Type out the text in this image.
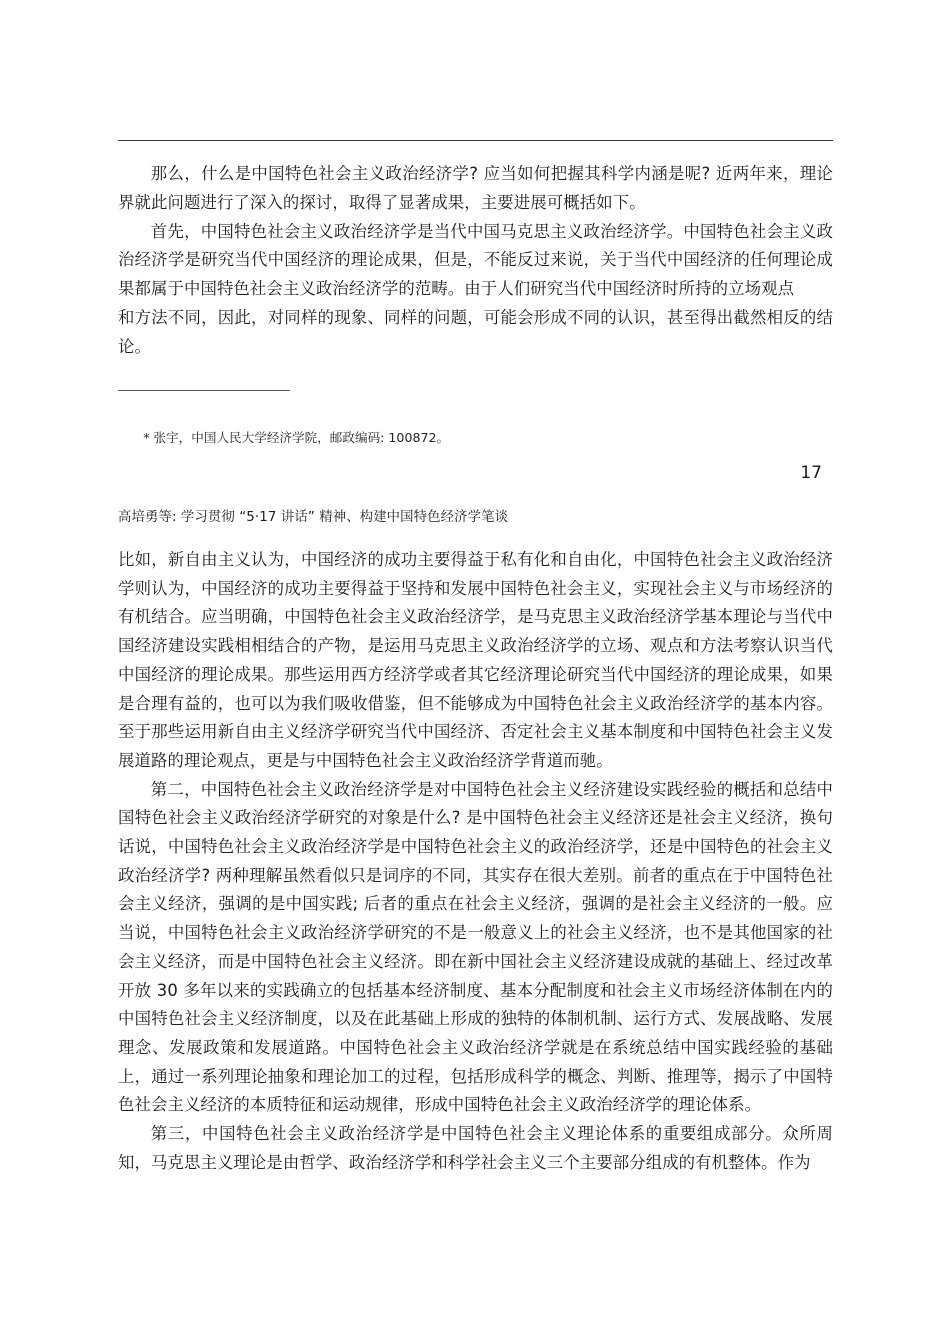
那么，什么是中国特色社会主义政治经济学? 应当如何把握其科学内涵是呢? 近两年来，理论界就此问题进行了深入的探讨，取得了显著成果，主要进展可概括如下。

首先，中国特色社会主义政治经济学是当代中国马克思主义政治经济学。中国特色社会主义政治经济学是研究当代中国经济的理论成果，但是，不能反过来说，关于当代中国经济的任何理论成果都属于中国特色社会主义政治经济学的范畴。由于人们研究当代中国经济时所持的立场观点

和方法不同，因此，对同样的现象、同样的问题，可能会形成不同的认识，甚至得出截然相反的结论。

* 张宇，中国人民大学经济学院，邮政编码: 100872。
17
高培勇等: 学习贯彻 “5·17 讲话” 精神、构建中国特色经济学笔谈

比如，新自由主义认为，中国经济的成功主要得益于私有化和自由化，中国特色社会主义政治经济学则认为，中国经济的成功主要得益于坚持和发展中国特色社会主义，实现社会主义与市场经济的有机结合。应当明确，中国特色社会主义政治经济学，是马克思主义政治经济学基本理论与当代中国经济建设实践相相结合的产物，是运用马克思主义政治经济学的立场、观点和方法考察认识当代中国经济的理论成果。那些运用西方经济学或者其它经济理论研究当代中国经济的理论成果，如果是合理有益的，也可以为我们吸收借鉴，但不能够成为中国特色社会主义政治经济学的基本内容。至于那些运用新自由主义经济学研究当代中国经济、否定社会主义基本制度和中国特色社会主义发展道路的理论观点，更是与中国特色社会主义政治经济学背道而驰。

第二，中国特色社会主义政治经济学是对中国特色社会主义经济建设实践经验的概括和总结中国特色社会主义政治经济学研究的对象是什么? 是中国特色社会主义经济还是社会主义经济，换句话说，中国特色社会主义政治经济学是中国特色社会主义的政治经济学，还是中国特色的社会主义政治经济学? 两种理解虽然看似只是词序的不同，其实存在很大差别。前者的重点在于中国特色社会主义经济，强调的是中国实践; 后者的重点在社会主义经济，强调的是社会主义经济的一般。应当说，中国特色社会主义政治经济学研究的不是一般意义上的社会主义经济，也不是其他国家的社会主义经济，而是中国特色社会主义经济。即在新中国社会主义经济建设成就的基础上、经过改革开放 30 多年以来的实践确立的包括基本经济制度、基本分配制度和社会主义市场经济体制在内的中国特色社会主义经济制度，以及在此基础上形成的独特的体制机制、运行方式、发展战略、发展理念、发展政策和发展道路。中国特色社会主义政治经济学就是在系统总结中国实践经验的基础上，通过一系列理论抽象和理论加工的过程，包括形成科学的概念、判断、推理等，揭示了中国特色社会主义经济的本质特征和运动规律，形成中国特色社会主义政治经济学的理论体系。

第三，中国特色社会主义政治经济学是中国特色社会主义理论体系的重要组成部分。众所周知，马克思主义理论是由哲学、政治经济学和科学社会主义三个主要部分组成的有机整体。作为
